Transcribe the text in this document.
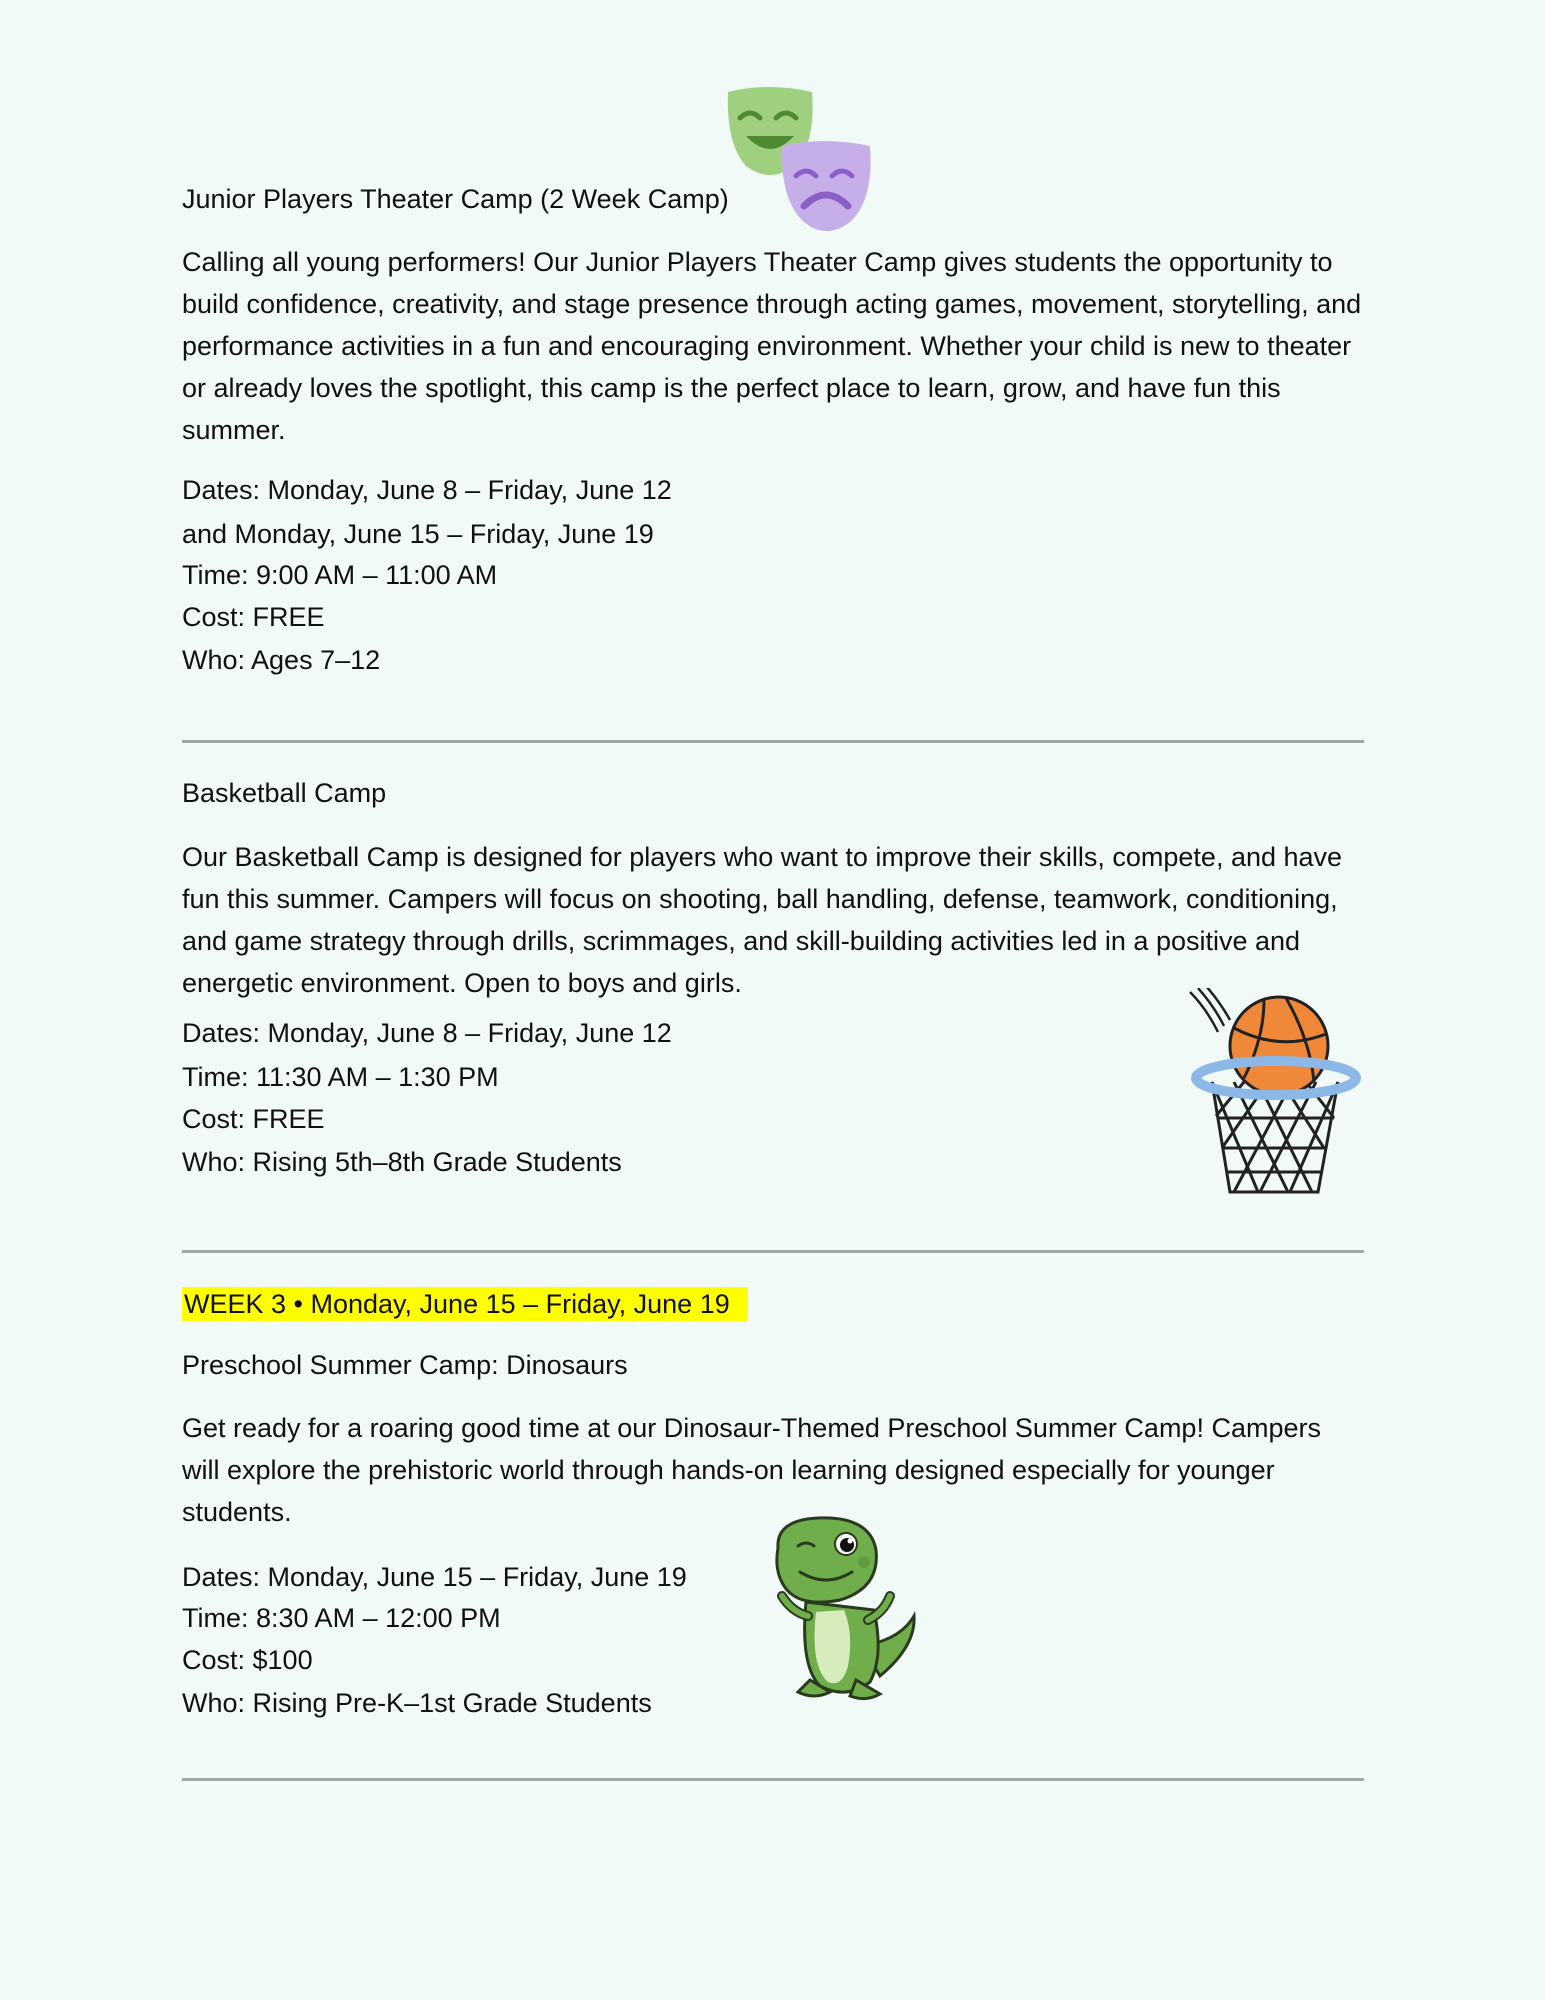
Junior Players Theater Camp (2 Week Camp)
Calling all young performers! Our Junior Players Theater Camp gives students the opportunity to build confidence, creativity, and stage presence through acting games, movement, storytelling, and performance activities in a fun and encouraging environment. Whether your child is new to theater or already loves the spotlight, this camp is the perfect place to learn, grow, and have fun this summer.
Dates: Monday, June 8 – Friday, June 12
and Monday, June 15 – Friday, June 19
Time: 9:00 AM – 11:00 AM
Cost: FREE
Who: Ages 7–12
Basketball Camp
Our Basketball Camp is designed for players who want to improve their skills, compete, and have fun this summer. Campers will focus on shooting, ball handling, defense, teamwork, conditioning, and game strategy through drills, scrimmages, and skill-building activities led in a positive and energetic environment. Open to boys and girls.
Dates: Monday, June 8 – Friday, June 12
Time: 11:30 AM – 1:30 PM
Cost: FREE
Who: Rising 5th–8th Grade Students
WEEK 3 • Monday, June 15 – Friday, June 19
Preschool Summer Camp: Dinosaurs
Get ready for a roaring good time at our Dinosaur-Themed Preschool Summer Camp! Campers will explore the prehistoric world through hands-on learning designed especially for younger students.
Dates: Monday, June 15 – Friday, June 19
Time: 8:30 AM – 12:00 PM
Cost: $100
Who: Rising Pre-K–1st Grade Students
